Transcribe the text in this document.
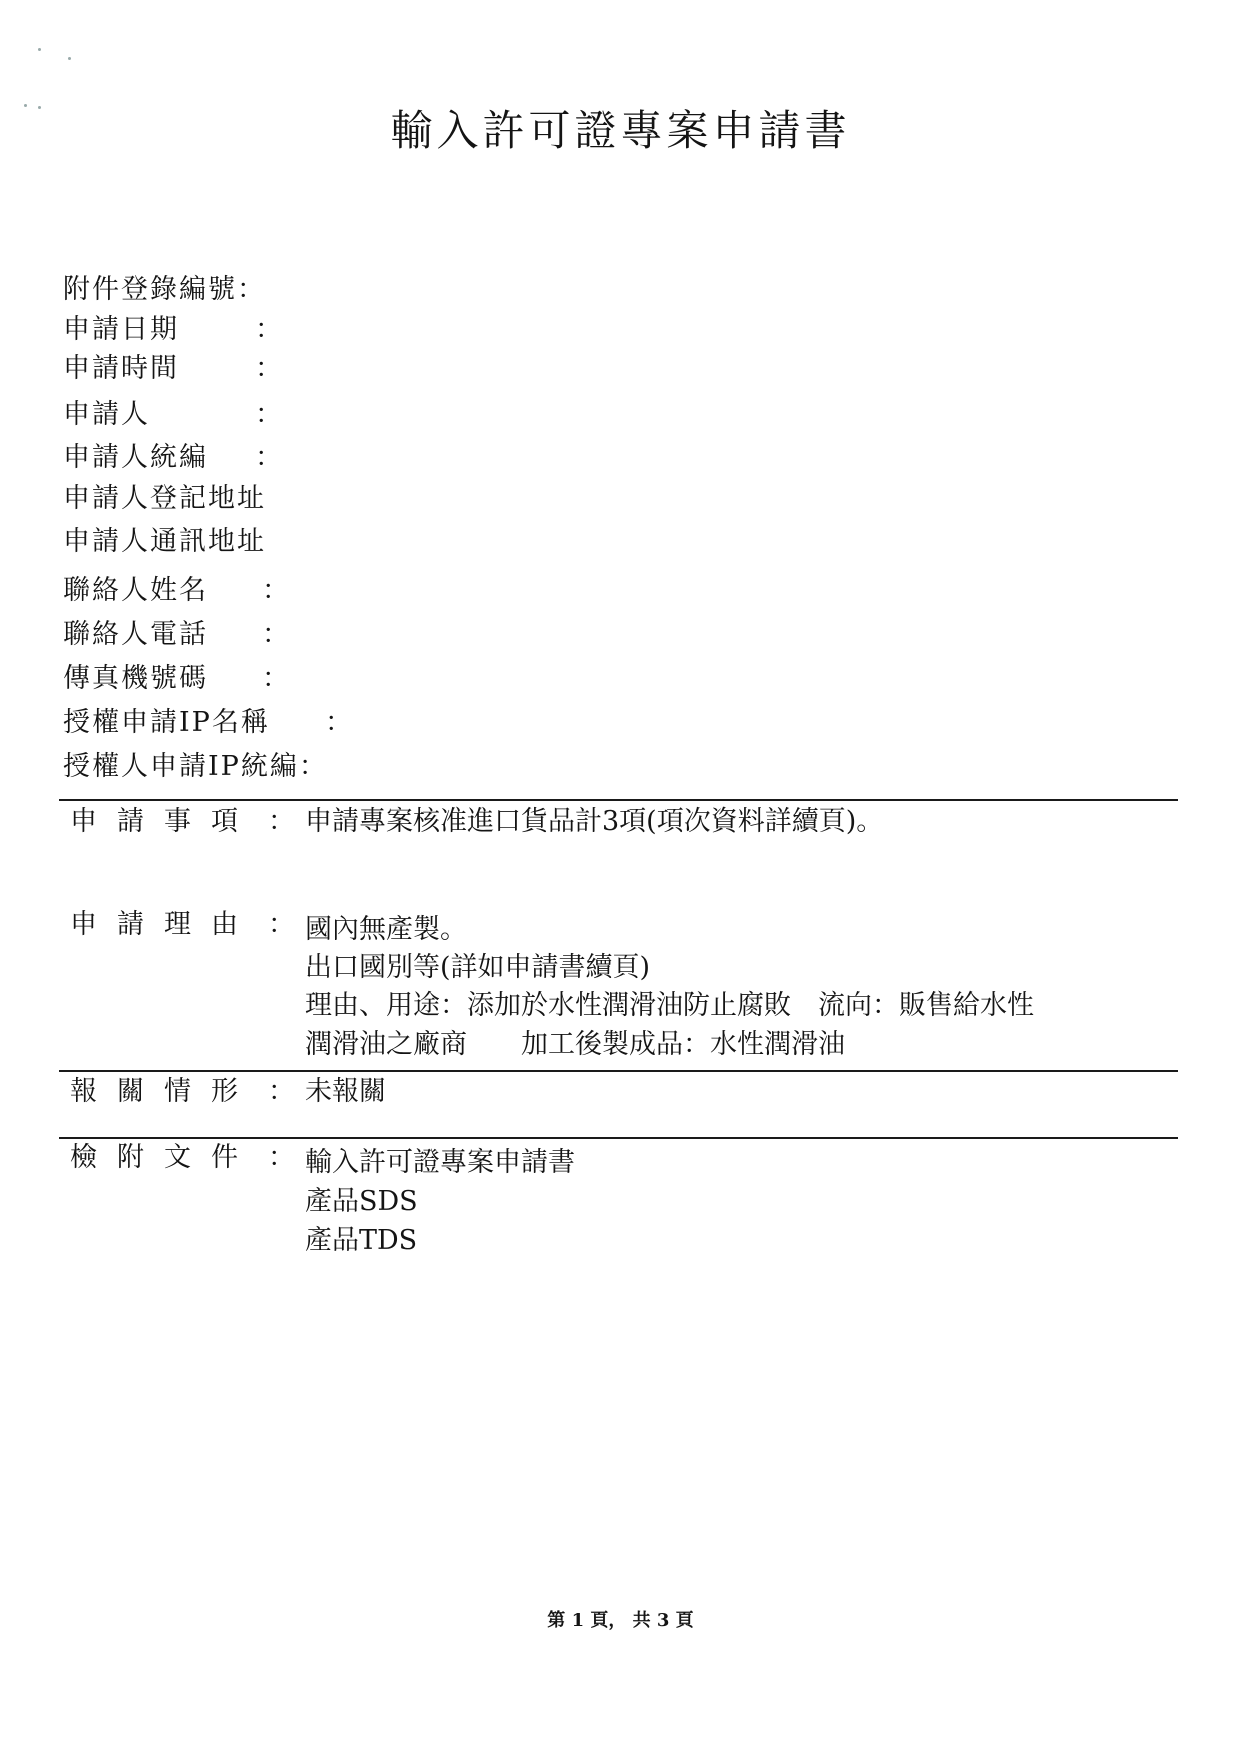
輸入許可證專案申請書
附件登錄編號：
申請日期	：
申請時間	：
申請人	：
申請人統編 ：
申請人登記地址
申請人通訊地址
聯絡人姓名 ：
聯絡人電話 ：
傳真機號碼 ：
授權申請IP名稱 ：
授權人申請IP統編：
申請事項 ： 申請專案核准進口貨品計3項(項次資料詳續頁)。
申請理由 ： 國內無產製。
出口國別等(詳如申請書續頁)
理由、用途：添加於水性潤滑油防止腐敗　流向：販售給水性
潤滑油之廠商　　加工後製成品：水性潤滑油
報關情形 ： 未報關
檢附文件 ： 輸入許可證專案申請書
產品SDS
產品TDS
第 1 頁， 共 3 頁
